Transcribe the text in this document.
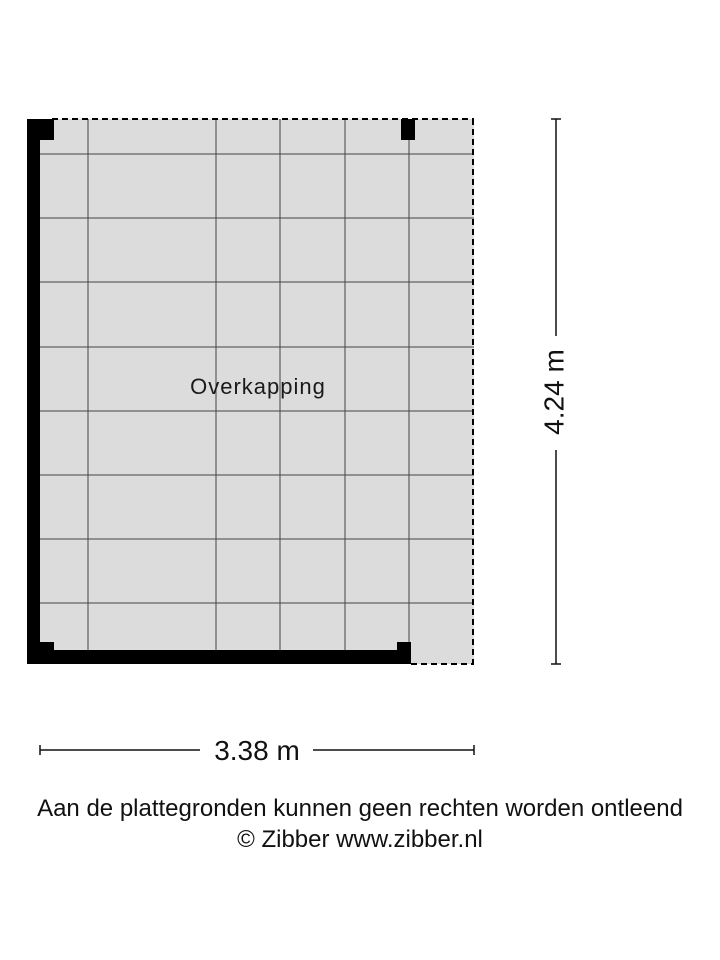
Overkapping	4.24 m
3.38 m
Aan de plattegronden kunnen geen rechten worden ontleend
© Zibber www.zibber.nl
